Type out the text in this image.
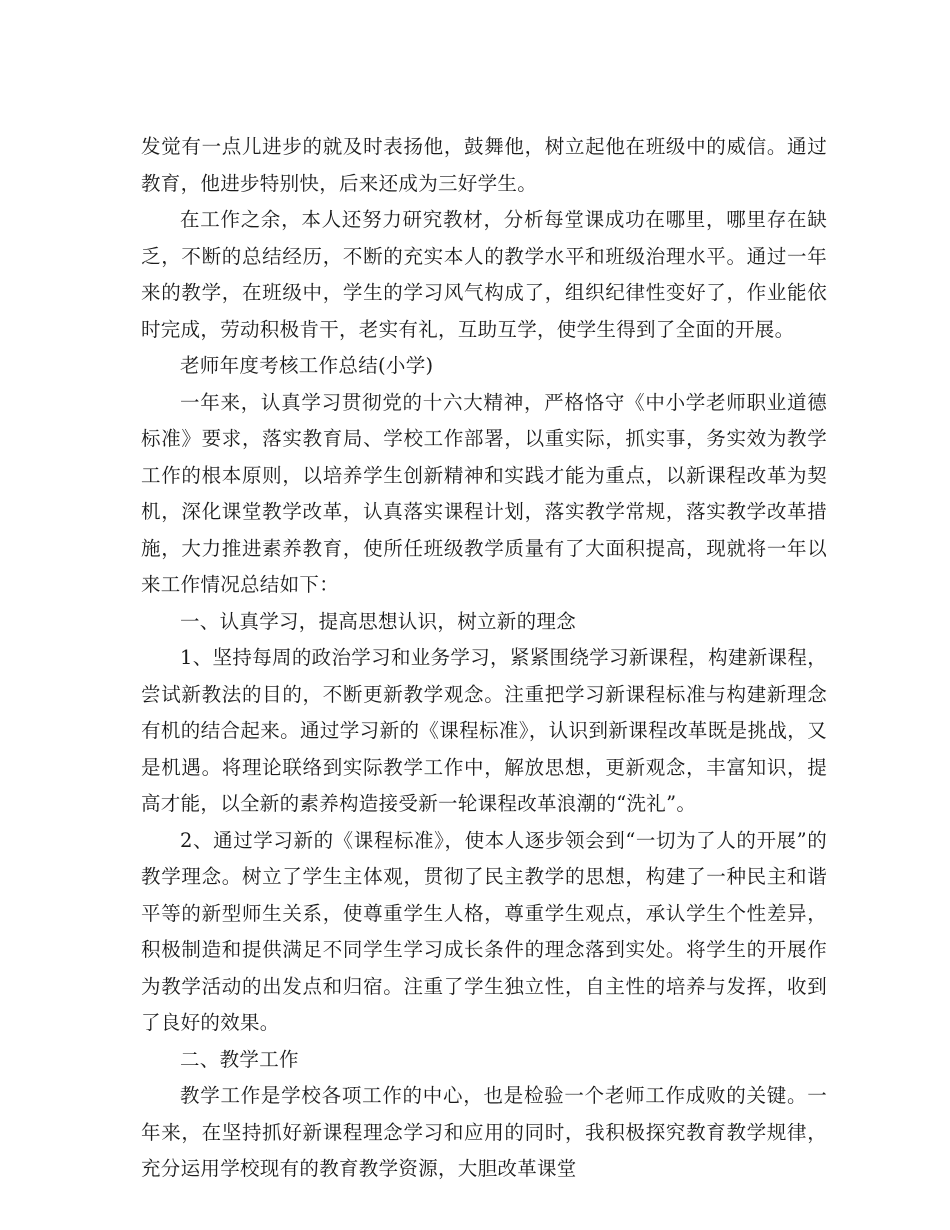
发觉有一点儿进步的就及时表扬他，鼓舞他，树立起他在班级中的威信。通过教育，他进步特别快，后来还成为三好学生。

在工作之余，本人还努力研究教材，分析每堂课成功在哪里，哪里存在缺乏，不断的总结经历，不断的充实本人的教学水平和班级治理水平。通过一年来的教学，在班级中，学生的学习风气构成了，组织纪律性变好了，作业能依时完成，劳动积极肯干，老实有礼，互助互学，使学生得到了全面的开展。

老师年度考核工作总结(小学)

一年来，认真学习贯彻党的十六大精神，严格恪守《中小学老师职业道德标准》要求，落实教育局、学校工作部署，以重实际，抓实事，务实效为教学工作的根本原则，以培养学生创新精神和实践才能为重点，以新课程改革为契机，深化课堂教学改革，认真落实课程计划，落实教学常规，落实教学改革措施，大力推进素养教育，使所任班级教学质量有了大面积提高，现就将一年以来工作情况总结如下：

一、认真学习，提高思想认识，树立新的理念

1、坚持每周的政治学习和业务学习，紧紧围绕学习新课程，构建新课程，尝试新教法的目的，不断更新教学观念。注重把学习新课程标准与构建新理念有机的结合起来。通过学习新的《课程标准》，认识到新课程改革既是挑战，又是机遇。将理论联络到实际教学工作中，解放思想，更新观念，丰富知识，提高才能，以全新的素养构造接受新一轮课程改革浪潮的“洗礼”。

2、通过学习新的《课程标准》，使本人逐步领会到“一切为了人的开展”的教学理念。树立了学生主体观，贯彻了民主教学的思想，构建了一种民主和谐平等的新型师生关系，使尊重学生人格，尊重学生观点，承认学生个性差异，积极制造和提供满足不同学生学习成长条件的理念落到实处。将学生的开展作为教学活动的出发点和归宿。注重了学生独立性，自主性的培养与发挥，收到了良好的效果。

二、教学工作

教学工作是学校各项工作的中心，也是检验一个老师工作成败的关键。一年来，在坚持抓好新课程理念学习和应用的同时，我积极探究教育教学规律，充分运用学校现有的教育教学资源，大胆改革课堂
